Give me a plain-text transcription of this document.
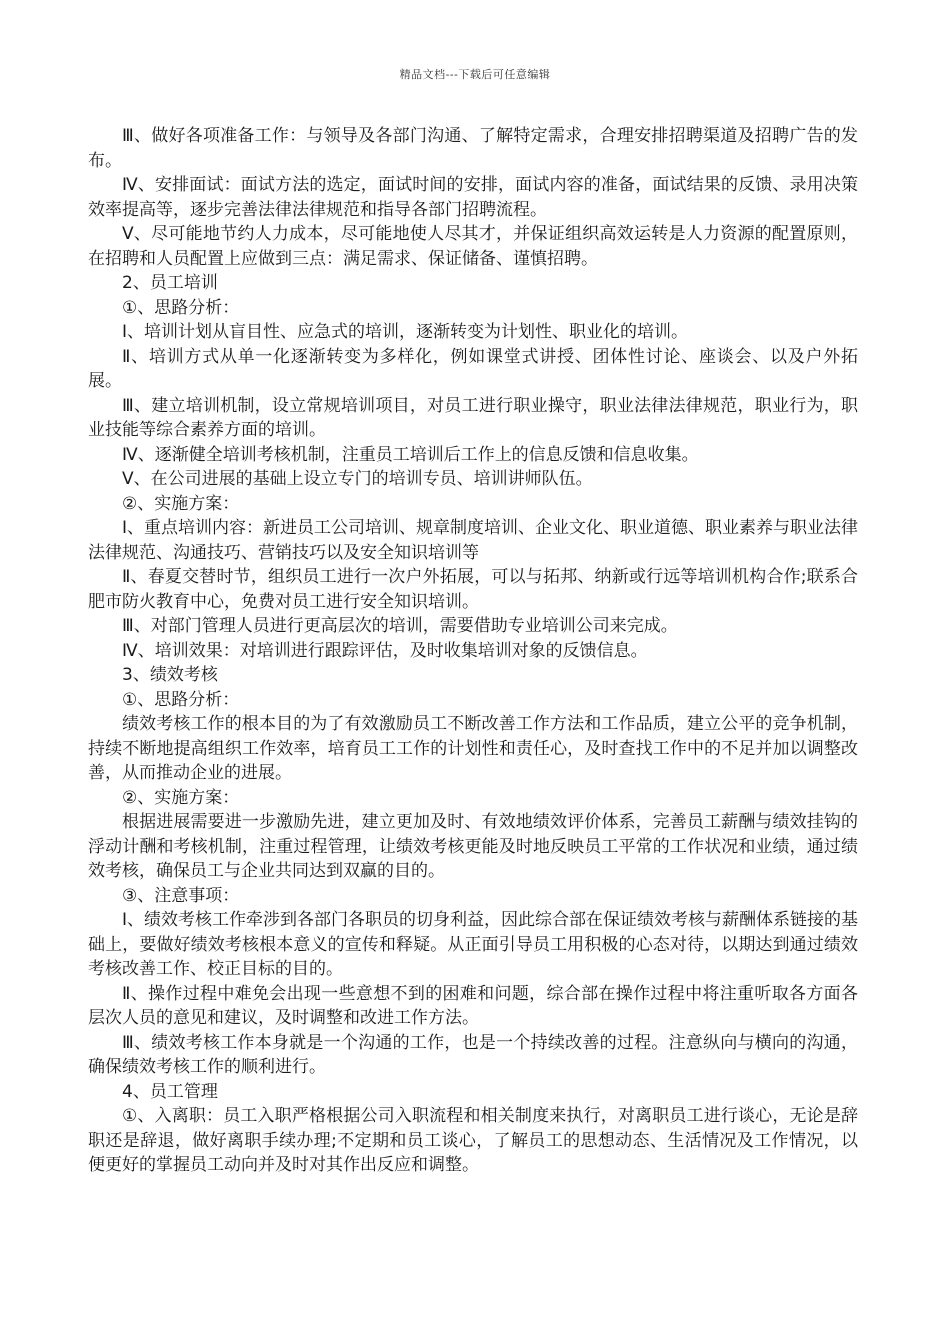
精品文档---下载后可任意编辑

Ⅲ、做好各项准备工作：与领导及各部门沟通、了解特定需求，合理安排招聘渠道及招聘广告的发布。

Ⅳ、安排面试：面试方法的选定，面试时间的安排，面试内容的准备，面试结果的反馈、录用决策效率提高等，逐步完善法律法律规范和指导各部门招聘流程。

Ⅴ、尽可能地节约人力成本，尽可能地使人尽其才，并保证组织高效运转是人力资源的配置原则，在招聘和人员配置上应做到三点：满足需求、保证储备、谨慎招聘。

2、员工培训

①、思路分析：

Ⅰ、培训计划从盲目性、应急式的培训，逐渐转变为计划性、职业化的培训。

Ⅱ、培训方式从单一化逐渐转变为多样化，例如课堂式讲授、团体性讨论、座谈会、以及户外拓展。

Ⅲ、建立培训机制，设立常规培训项目，对员工进行职业操守，职业法律法律规范，职业行为，职业技能等综合素养方面的培训。

Ⅳ、逐渐健全培训考核机制，注重员工培训后工作上的信息反馈和信息收集。

Ⅴ、在公司进展的基础上设立专门的培训专员、培训讲师队伍。

②、实施方案：

Ⅰ、重点培训内容：新进员工公司培训、规章制度培训、企业文化、职业道德、职业素养与职业法律法律规范、沟通技巧、营销技巧以及安全知识培训等

Ⅱ、春夏交替时节，组织员工进行一次户外拓展，可以与拓邦、纳新或行远等培训机构合作;联系合肥市防火教育中心，免费对员工进行安全知识培训。

Ⅲ、对部门管理人员进行更高层次的培训，需要借助专业培训公司来完成。

Ⅳ、培训效果：对培训进行跟踪评估，及时收集培训对象的反馈信息。

3、绩效考核

①、思路分析：

绩效考核工作的根本目的为了有效激励员工不断改善工作方法和工作品质，建立公平的竞争机制，持续不断地提高组织工作效率，培育员工工作的计划性和责任心，及时查找工作中的不足并加以调整改善，从而推动企业的进展。

②、实施方案：

根据进展需要进一步激励先进，建立更加及时、有效地绩效评价体系，完善员工薪酬与绩效挂钩的浮动计酬和考核机制，注重过程管理，让绩效考核更能及时地反映员工平常的工作状况和业绩，通过绩效考核，确保员工与企业共同达到双赢的目的。

③、注意事项：

Ⅰ、绩效考核工作牵涉到各部门各职员的切身利益，因此综合部在保证绩效考核与薪酬体系链接的基础上，要做好绩效考核根本意义的宣传和释疑。从正面引导员工用积极的心态对待，以期达到通过绩效考核改善工作、校正目标的目的。

Ⅱ、操作过程中难免会出现一些意想不到的困难和问题，综合部在操作过程中将注重听取各方面各层次人员的意见和建议，及时调整和改进工作方法。

Ⅲ、绩效考核工作本身就是一个沟通的工作，也是一个持续改善的过程。注意纵向与横向的沟通，确保绩效考核工作的顺利进行。

4、员工管理

①、入离职：员工入职严格根据公司入职流程和相关制度来执行，对离职员工进行谈心，无论是辞职还是辞退，做好离职手续办理;不定期和员工谈心，了解员工的思想动态、生活情况及工作情况，以便更好的掌握员工动向并及时对其作出反应和调整。
